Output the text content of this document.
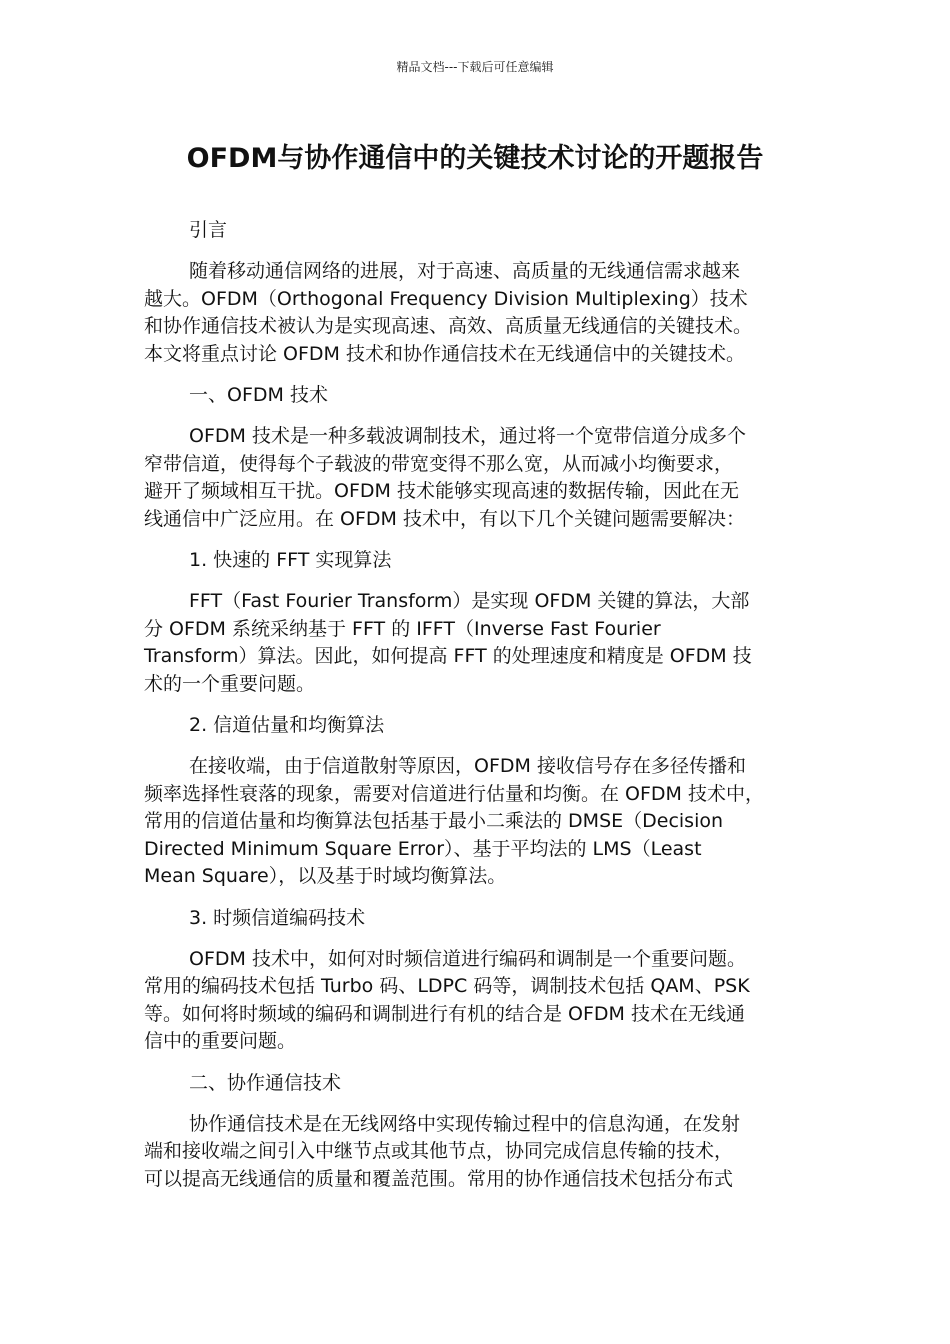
精品文档---下载后可任意编辑
OFDM与协作通信中的关键技术讨论的开题报告
引言
随着移动通信网络的进展，对于高速、高质量的无线通信需求越来
越大。OFDM（Orthogonal Frequency Division Multiplexing）技术
和协作通信技术被认为是实现高速、高效、高质量无线通信的关键技术。
本文将重点讨论 OFDM 技术和协作通信技术在无线通信中的关键技术。
一、OFDM 技术
OFDM 技术是一种多载波调制技术，通过将一个宽带信道分成多个
窄带信道，使得每个子载波的带宽变得不那么宽，从而减小均衡要求，
避开了频域相互干扰。OFDM 技术能够实现高速的数据传输，因此在无
线通信中广泛应用。在 OFDM 技术中，有以下几个关键问题需要解决：
1. 快速的 FFT 实现算法
FFT（Fast Fourier Transform）是实现 OFDM 关键的算法，大部
分 OFDM 系统采纳基于 FFT 的 IFFT（Inverse Fast Fourier
Transform）算法。因此，如何提高 FFT 的处理速度和精度是 OFDM 技
术的一个重要问题。
2. 信道估量和均衡算法
在接收端，由于信道散射等原因，OFDM 接收信号存在多径传播和
频率选择性衰落的现象，需要对信道进行估量和均衡。在 OFDM 技术中，
常用的信道估量和均衡算法包括基于最小二乘法的 DMSE（Decision
Directed Minimum Square Error）、基于平均法的 LMS（Least
Mean Square），以及基于时域均衡算法。
3. 时频信道编码技术
OFDM 技术中，如何对时频信道进行编码和调制是一个重要问题。
常用的编码技术包括 Turbo 码、LDPC 码等，调制技术包括 QAM、PSK
等。如何将时频域的编码和调制进行有机的结合是 OFDM 技术在无线通
信中的重要问题。
二、协作通信技术
协作通信技术是在无线网络中实现传输过程中的信息沟通，在发射
端和接收端之间引入中继节点或其他节点，协同完成信息传输的技术，
可以提高无线通信的质量和覆盖范围。常用的协作通信技术包括分布式
